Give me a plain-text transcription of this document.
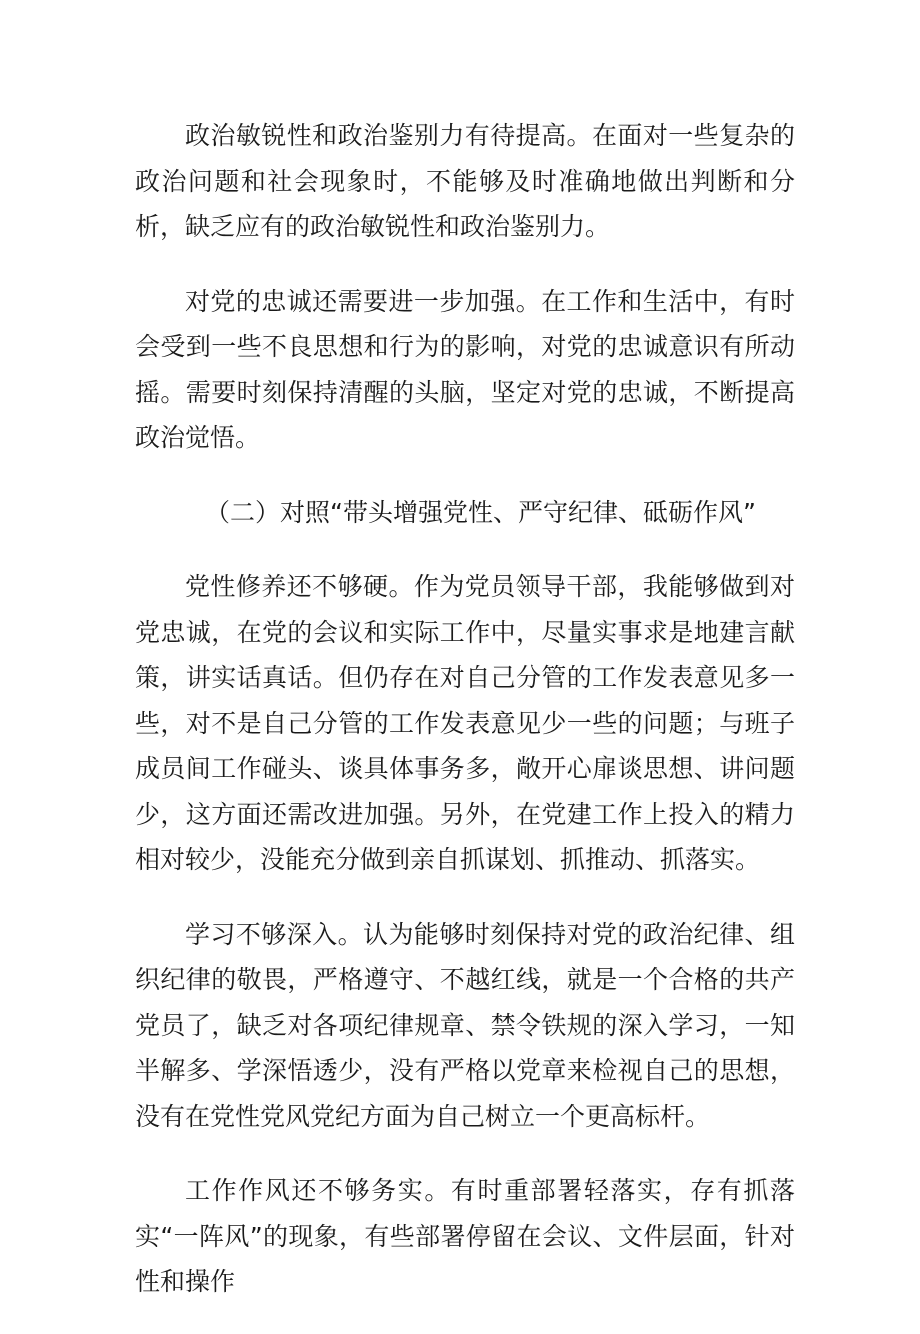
政治敏锐性和政治鉴别力有待提高。在面对一些复杂的政治问题和社会现象时，不能够及时准确地做出判断和分析，缺乏应有的政治敏锐性和政治鉴别力。

对党的忠诚还需要进一步加强。在工作和生活中，有时会受到一些不良思想和行为的影响，对党的忠诚意识有所动摇。需要时刻保持清醒的头脑，坚定对党的忠诚，不断提高政治觉悟。

（二）对照“带头增强党性、严守纪律、砥砺作风”

党性修养还不够硬。作为党员领导干部，我能够做到对党忠诚，在党的会议和实际工作中，尽量实事求是地建言献策，讲实话真话。但仍存在对自己分管的工作发表意见多一些，对不是自己分管的工作发表意见少一些的问题；与班子成员间工作碰头、谈具体事务多，敞开心扉谈思想、讲问题少，这方面还需改进加强。另外，在党建工作上投入的精力相对较少，没能充分做到亲自抓谋划、抓推动、抓落实。

学习不够深入。认为能够时刻保持对党的政治纪律、组织纪律的敬畏，严格遵守、不越红线，就是一个合格的共产党员了，缺乏对各项纪律规章、禁令铁规的深入学习，一知半解多、学深悟透少，没有严格以党章来检视自己的思想，没有在党性党风党纪方面为自己树立一个更高标杆。

工作作风还不够务实。有时重部署轻落实，存有抓落实“一阵风”的现象，有些部署停留在会议、文件层面，针对性和操作
